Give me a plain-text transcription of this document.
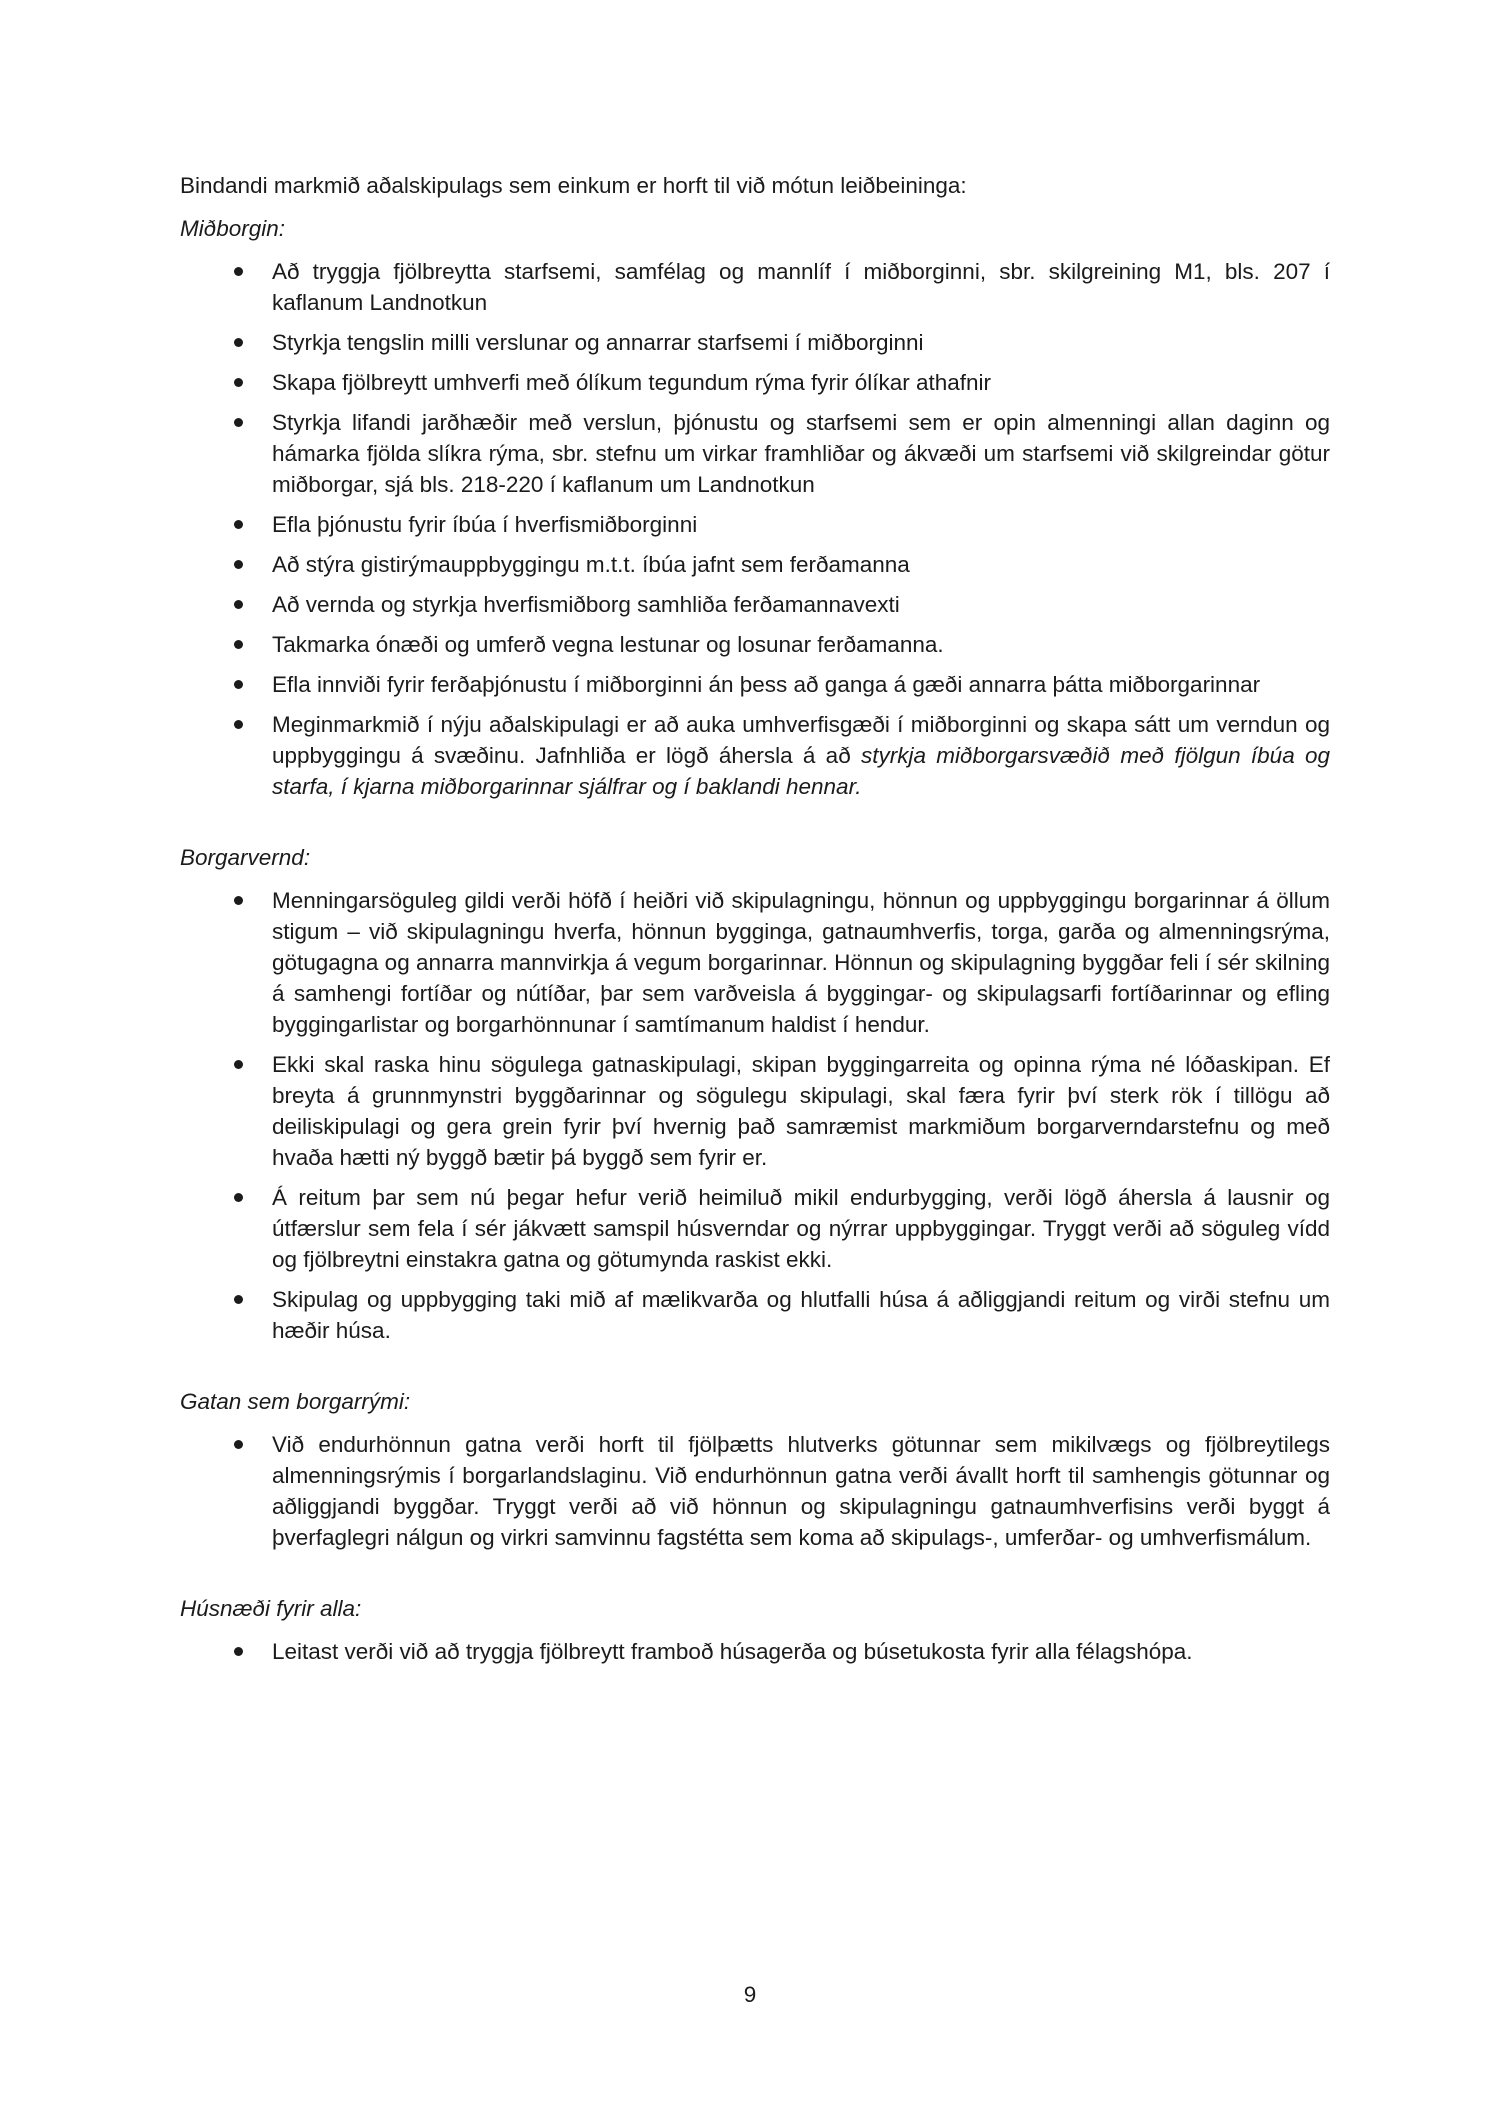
Bindandi markmið aðalskipulags sem einkum er horft til við mótun leiðbeininga:

Miðborgin:
Að tryggja fjölbreytta starfsemi, samfélag og mannlíf í miðborginni, sbr. skilgreining M1, bls. 207 í kaflanum Landnotkun
Styrkja tengslin milli verslunar og annarrar starfsemi í miðborginni
Skapa fjölbreytt umhverfi með ólíkum tegundum rýma fyrir ólíkar athafnir
Styrkja lifandi jarðhæðir með verslun, þjónustu og starfsemi sem er opin almenningi allan daginn og hámarka fjölda slíkra rýma, sbr. stefnu um virkar framhliðar og ákvæði um starfsemi við skilgreindar götur miðborgar, sjá bls. 218-220 í kaflanum um Landnotkun
Efla þjónustu fyrir íbúa í hverfismiðborginni
Að stýra gistirýmauppbyggingu m.t.t. íbúa jafnt sem ferðamanna
Að vernda og styrkja hverfismiðborg samhliða ferðamannavexti
Takmarka ónæði og umferð vegna lestunar og losunar ferðamanna.
Efla innviði fyrir ferðaþjónustu í miðborginni án þess að ganga á gæði annarra þátta miðborgarinnar
Meginmarkmið í nýju aðalskipulagi er að auka umhverfisgæði í miðborginni og skapa sátt um verndun og uppbyggingu á svæðinu. Jafnhliða er lögð áhersla á að styrkja miðborgarsvæðið með fjölgun íbúa og starfa, í kjarna miðborgarinnar sjálfrar og í baklandi hennar.
Borgarvernd:
Menningarsöguleg gildi verði höfð í heiðri við skipulagningu, hönnun og uppbyggingu borgarinnar á öllum stigum – við skipulagningu hverfa, hönnun bygginga, gatnaumhverfis, torga, garða og almenningsrýma, götugagna og annarra mannvirkja á vegum borgarinnar. Hönnun og skipulagning byggðar feli í sér skilning á samhengi fortíðar og nútíðar, þar sem varðveisla á byggingar- og skipulagsarfi fortíðarinnar og efling byggingarlistar og borgarhönnunar í samtímanum haldist í hendur.
Ekki skal raska hinu sögulega gatnaskipulagi, skipan byggingarreita og opinna rýma né lóðaskipan. Ef breyta á grunnmynstri byggðarinnar og sögulegu skipulagi, skal færa fyrir því sterk rök í tillögu að deiliskipulagi og gera grein fyrir því hvernig það samræmist markmiðum borgarverndarstefnu og með hvaða hætti ný byggð bætir þá byggð sem fyrir er.
Á reitum þar sem nú þegar hefur verið heimiluð mikil endurbygging, verði lögð áhersla á lausnir og útfærslur sem fela í sér jákvætt samspil húsverndar og nýrrar uppbyggingar. Tryggt verði að söguleg vídd og fjölbreytni einstakra gatna og götumynda raskist ekki.
Skipulag og uppbygging taki mið af mælikvarða og hlutfalli húsa á aðliggjandi reitum og virði stefnu um hæðir húsa.
Gatan sem borgarrými:
Við endurhönnun gatna verði horft til fjölþætts hlutverks götunnar sem mikilvægs og fjölbreytilegs almenningsrýmis í borgarlandslaginu. Við endurhönnun gatna verði ávallt horft til samhengis götunnar og aðliggjandi byggðar. Tryggt verði að við hönnun og skipulagningu gatnaumhverfisins verði byggt á þverfaglegri nálgun og virkri samvinnu fagstétta sem koma að skipulags-, umferðar- og umhverfismálum.
Húsnæði fyrir alla:
Leitast verði við að tryggja fjölbreytt framboð húsagerða og búsetukosta fyrir alla félagshópa.
9
